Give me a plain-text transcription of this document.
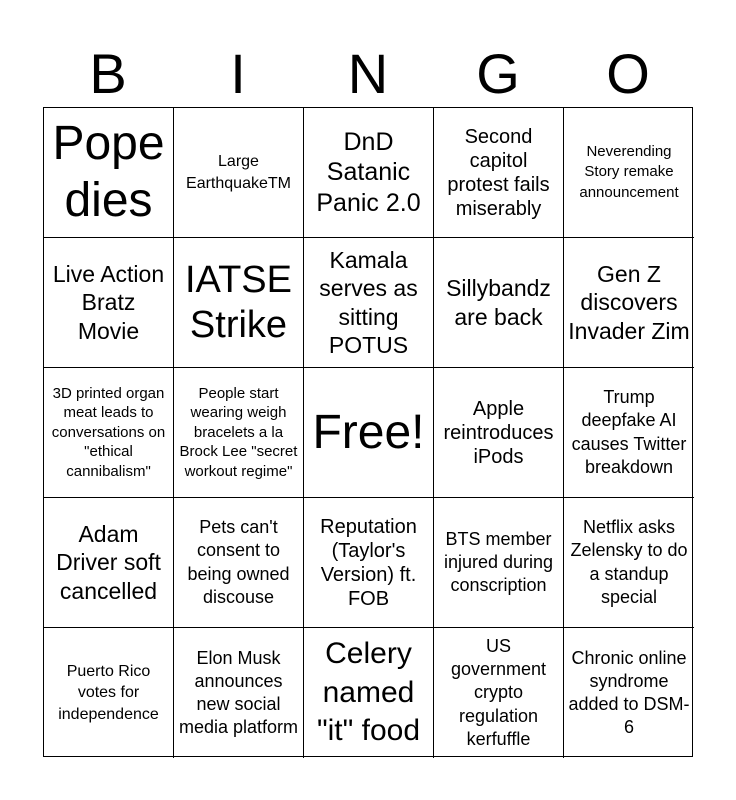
B	I	N	G	O
Pope dies
Large EarthquakeTM
DnD Satanic Panic 2.0
Second capitol protest fails miserably
Neverending Story remake announcement
Live Action Bratz Movie
IATSE Strike
Kamala serves as sitting POTUS
Sillybandz are back
Gen Z discovers Invader Zim
3D printed organ meat leads to conversations on "ethical cannibalism"
People start wearing weigh bracelets a la Brock Lee "secret workout regime"
Free!	Apple reintroduces iPods
Trump deepfake AI causes Twitter breakdown
Adam Driver soft cancelled
Pets can't consent to being owned discouse
Reputation (Taylor's Version) ft. FOB
BTS member injured during conscription
Netflix asks Zelensky to do a standup special
Puerto Rico votes for independence
Elon Musk announces new social media platform
Celery named "it" food
US government crypto regulation kerfuffle
Chronic online syndrome added to DSM-6
